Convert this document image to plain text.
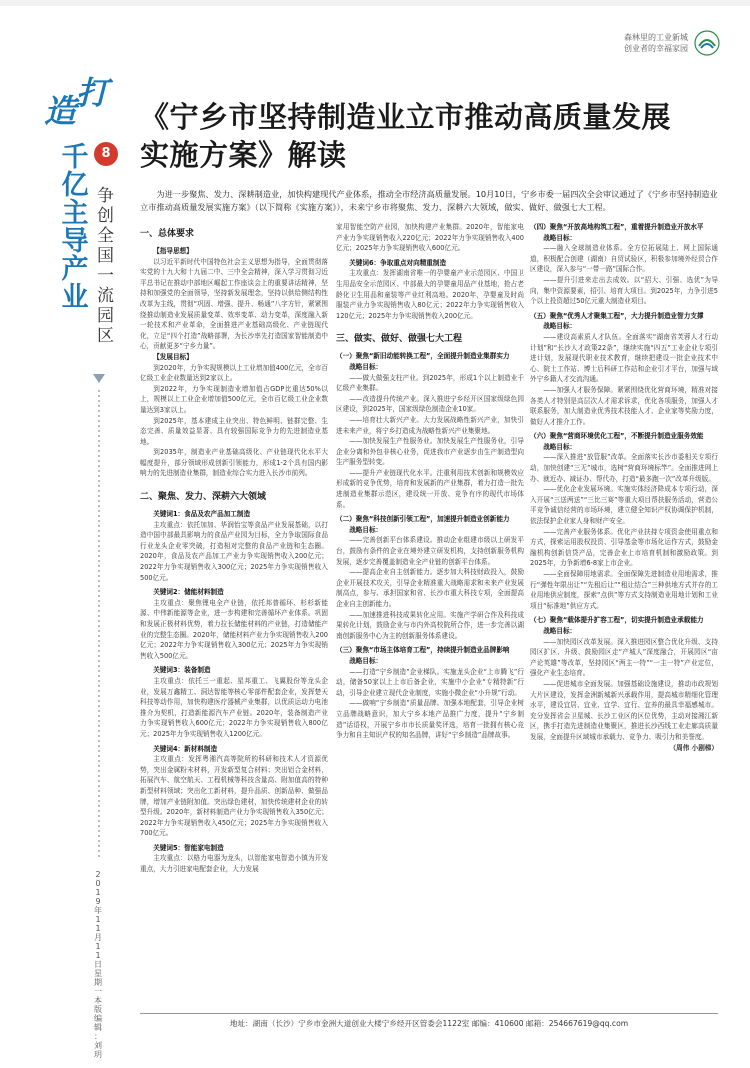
森林里的工业新城
创业者的幸福家园
打
造
千
亿
主
导
产
业
8
争
创
全
国
一
流
园
区
2
0
1
9
年
1
1
月
1
1
日
星
期
一
本
版
编
辑
：
刘
玥
《宁乡市坚持制造业立市推动高质量发展
实施方案》解读

为进一步聚焦、发力、深耕制造业，加快构建现代产业体系，推动全市经济高质量发展。10月10日，宁乡市委一届四次全会审议通过了《宁乡市坚持制造业立市推动高质量发展实施方案》（以下简称《实施方案》），未来宁乡市将聚焦、发力、深耕六大领域，做实、做好、做强七大工程。

一、总体要求

【指导思想】

以习近平新时代中国特色社会主义思想为指导，全面贯彻落实党的十九大和十九届二中、三中全会精神，深入学习贯彻习近平总书记在推动中部地区崛起工作座谈会上的重要讲话精神，坚持和加强党的全面领导，坚持新发展理念，坚持以供给侧结构性改革为主线，贯彻“巩固、增强、提升、畅通”八字方针，紧紧围绕推动制造业发展质量变革、效率变革、动力变革，深度融入新一轮技术和产业革命，全面推进产业基础高级化、产业链现代化，立足“四个打造”战略部署，为长沙率先打造国家智能制造中心，贡献更多“宁乡力量”。

【发展目标】

到2020年，力争实现规模以上工业增加值400亿元，全市百亿级工业企业数量达到2家以上。

到2022年，力争实现制造业增加值占GDP比重达50%以上，规模以上工业企业增加值500亿元，全市百亿级工业企业数量达到3家以上。

到2025年，基本建成主业突出、特色鲜明、链群完整、生态完善、质量效益显著、具有较强国际竞争力的先进制造业基地。

到2035年，制造业产业基础高级化、产业链现代化水平大幅度提升，部分领域形成创新引领能力，形成1-2个具有国内影响力的先进制造业集群，制造业综合实力进入长沙市前列。

二、聚焦、发力、深耕六大领域

关键词1：食品及农产品加工制造

主攻重点：依托加加、华润怡宝等食品产业发展基础，以打造中国中部最具影响力的食品产业园为目标，全力争取国际食品行业龙头企业零突破，打造相对完整的食品产业链和生态圈。2020年，食品及农产品加工产业力争实现销售收入200亿元；2022年力争实现销售收入300亿元；2025年力争实现销售收入500亿元。

关键词2：储能材料制造

主攻重点：聚焦锂电全产业链，依托邦普循环、杉杉新能源、中伟新能源等企业，进一步构建和完善循环产业体系。巩固和发展正极材料优势，着力拉长储能材料的产业链，打造储能产业的完整生态圈。2020年，储能材料产业力争实现销售收入200亿元；2022年力争实现销售收入300亿元；2025年力争实现销售收入500亿元。

关键词3：装备制造

主攻重点：依托三一重起、星邦重工、飞翼股份等龙头企业，发展万鑫精工、洞达智能等核心零部件配套企业，发挥楚天科技等动作用，加快构建医疗器械产业集群，以优质运动力电池推介为契机，打造新能源汽车产业链。2020年，装备制造产业力争实现销售收入600亿元；2022年力争实现销售收入800亿元；2025年力争实现销售收入1200亿元。

关键词4：新材料制造

主攻重点：发挥粤湘汽高等院所的科研和技术人才资源优势，突出金属粉末材料，开发新型复合材料；突出铝合金材料，拓展汽车、航空航天、工程机械等科技含量高、附加值高的特种新型材料领域；突出化工新材料，提升品质、创新品种、做强品牌，增加产业链附加值。突出绿色建材，加快传统建材企业的转型升级。2020年，新材料制造产业力争实现销售收入350亿元；2022年力争实现销售收入450亿元；2025年力争实现销售收入700亿元。

关键词5：智能家电制造

主攻重点：以格力电器为龙头，以智能家电智造小镇为开发重点，大力引进家电配套企业，大力发展

家用智能空防产业园，加快构建产业集群。2020年，智能家电产业力争实现销售收入220亿元；2022年力争实现销售收入400亿元；2025年力争实现销售收入600亿元。

关键词6：争取重点对向精重制造

主攻重点：发挥湖南省唯一的孕婴童产业示范园区、中国卫生用品安全示范园区、中部最大的孕婴童用品产业基地，抢占老龄化卫生用品和童装等产业红利高地。2020年，孕婴童及时尚服装产业力争实现销售收入80亿元；2022年力争实现销售收入120亿元；2025年力争实现销售收入200亿元。

三、做实、做好、做强七大工程

（一）聚焦“新旧动能转换工程”，全面提升制造业集群实力

战略目标：

——做大做强支柱产业。到2025年，形成1个以上制造业千亿级产业集群。

——改造提升传统产业。深入推进宁乡经开区国家级绿色园区建设，到2025年，国家级绿色制造企业10家。

——培育壮大新兴产业。大力发展战略性新兴产业，加快引进未来产业，将宁乡打造成为战略性新兴产业集聚地。

——加快发展生产性服务业。加快发展生产性服务业，引导企业分离和外包非核心业务，促进我市产业逐步由生产制造型向生产服务型转变。

——提升产业链现代化水平。注重利用技术创新和规模效应形成新的竞争优势，培育和发展新的产业集群，着力打造一批先进制造业集群示范区，建设统一开放、竞争有序的现代市场体系。

（二）聚焦“科技创新引领工程”，加速提升制造业创新能力

战略目标：

——完善创新平台体系建设。推动企业组建市级以上研发平台，鼓励有条件的企业在境外建立研发机构，支持创新服务机构发展，逐步完善覆盖制造业全产业链的创新平台体系。

——提高企业自主创新能力。逐步加大科技财政投入，鼓励企业开展技术攻关，引导企业精准重大战略需求和未来产业发展制高点，参与、承担国家和省、长沙市重大科技专项，全面提高企业自主创新能力。

——加速推进科技成果转化应用。实施产学研合作及科技成果转化计划，鼓励企业与市内外高校院所合作，进一步完善以湖南创新服务中心为主的创新服务体系建设。

（三）聚焦“市场主体培育工程”，持续提升制造业品牌影响

战略目标：

——打造“宁乡制造”企业梯队。实施龙头企业“上市腾飞”行动，储备50家以上上市后备企业，实施中小企业“专精特新”行动，引导企业建立现代企业制度，实施小微企业“小升规”行动。

——做响“宁乡制造”质量品牌。加强本地配套，引导企业树立品牌战略意识，加大宁乡本地产品推广力度，提升“宁乡制造”话语权，开展宁乡市市长质量奖评选，培育一批拥有核心竞争力和自主知识产权的知名品牌，讲好“宁乡制造”品牌故事。

（四）聚焦“开放高地构筑工程”，重着提升制造业开放水平

战略目标：

——融入全球制造业体系。全方位拓展陆上、网上国际通道，积极配合创建（湖南）自贸试验区，积极参加境外经贸合作区建设，深入参与“一带一路”国际合作。

——提升引进来走出去成效。以“招大、引强、选优”为导向，集中资源要素，招引、培育大项目。到2025年，力争引进5个以上投资超过50亿元重大制造业项目。

（五）聚焦“优秀人才聚集工程”，大力提升制造业智力支撑

战略目标：

——建设高素质人才队伍。全面落实“湖南省芙蓉人才行动计划”和“长沙人才政策22条”，继续实施“四五”工业企业专项引进计划，发展现代职业技术教育，继续把建设一批企业技术中心、院士工作站、博士后科研工作站和企业引才平台，加强与域外宁乡籍人才交流沟通。

——加强人才服务保障。紧紧围绕优化营商环境，精准对接各类人才特别是高层次人才需求诉求，优化各项服务，加强人才联系服务，加大制造业优秀技术技能人才、企业家等奖励力度，做好人才推介工作。

（六）聚焦“营商环境优化工程”，不断提升制造业服务效能

战略目标：

——深入推进“放管服”改革。全面落实长沙市委相关专项行动，加快创建“三无”城市，选树“营商环境标竿”。全面推进网上办、就近办、减证办、帮代办，打造“最多跑一次”改革升级版。

——优化企业发展环境。实施实体经济降成本专项行动，深入开展“三送两送”“三比三赛”等重大项目帮扶服务活动，营造公平竞争诚信经营的市场环境，建立健全知识产权协调保护机制，依法保护企业家人身和财产安全。

——完善产业服务体系。优化产业扶持专项资金使用重点和方式，探索运用股权投资、引导基金等市场化运作方式，鼓励金融机构创新信贷产品，完善企业上市培育机制和激励政策。到2025年，力争新增6-8家上市企业。

——全面保障用地需求。全面保障先进制造业用地需求，推行“弹性年限出让”“先租后让”“租让结合”三种供地方式并存的工业用地供应制度，探索“点供”等方式支持制造业用地计划和工业项目“标准地”供应方式。

（七）聚焦“载体提升扩容工程”，切实提升制造业承载能力

战略目标：

——加快园区改革发展。深入推进园区整合优化升级、支持园区扩区、升级、鼓励园区走“产城人”深度融合，开展园区“亩产论英雄”等改革，坚持园区“两主一特”“一主一特”产业定位，强化产业生态培育。

——促进城市全面发展。加强基础设施建设，推动市政规划大片区建设，发挥金洲新城新兴承载作用，提高城市精细化管理水平，建设宜居、宜业、宜学、宜行、宜养的最具幸福感城市。充分发挥省会卫星城、长沙工业区的区位优势，主动对接湘江新区，携手打造先进制造业集聚区，推进长沙西线工业走廊高质量发展，全面提升区域城市承载力、竞争力、吸引力和美誉度。

（周伟 小剧梯）

地址：湖南（长沙）宁乡市金洲大道创业大楼宁乡经开区管委会1122室 邮编：410600 邮箱：254667619@qq.com
